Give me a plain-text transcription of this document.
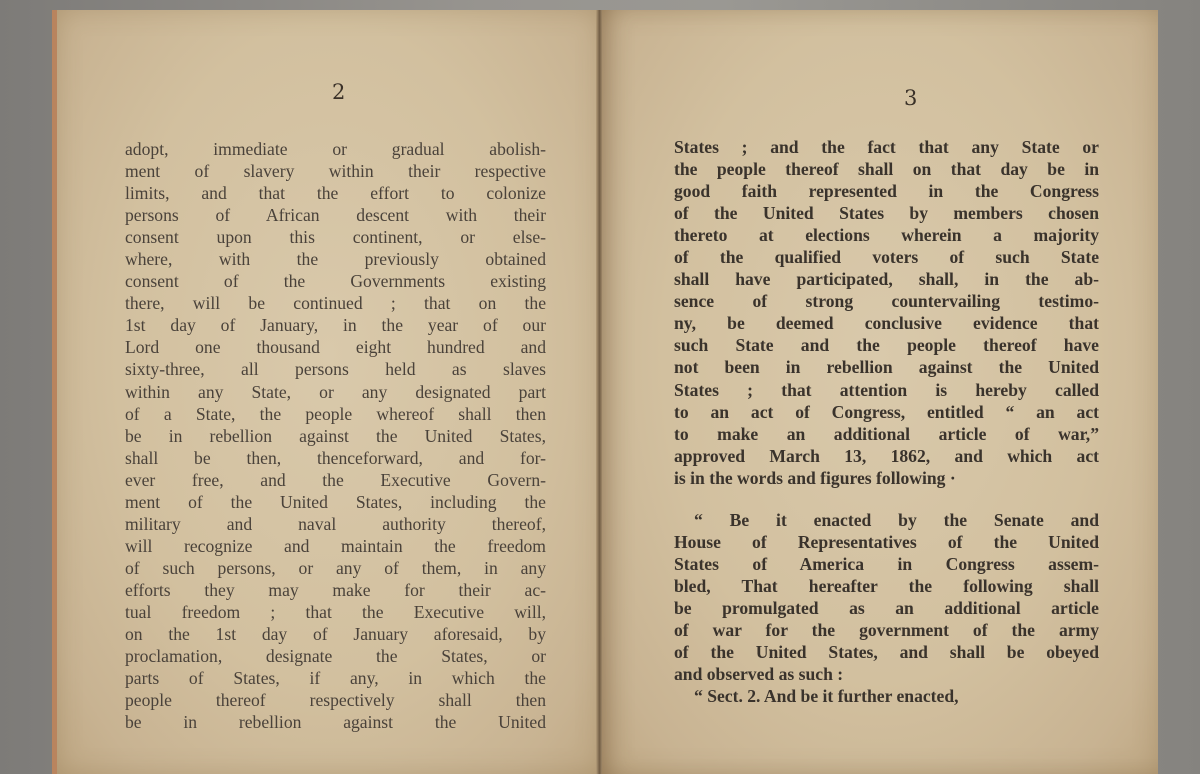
2
adopt, immediate or gradual abolish-
ment of slavery within their respective
limits, and that the effort to colonize
persons of African descent with their
consent upon this continent, or else-
where, with the previously obtained
consent of the Governments existing
there, will be continued ; that on the
1st day of January, in the year of our
Lord one thousand eight hundred and
sixty-three, all persons held as slaves
within any State, or any designated part
of a State, the people whereof shall then
be in rebellion against the United States,
shall be then, thenceforward, and for-
ever free, and the Executive Govern-
ment of the United States, including the
military and naval authority thereof,
will recognize and maintain the freedom
of such persons, or any of them, in any
efforts they may make for their ac-
tual freedom ; that the Executive will,
on the 1st day of January aforesaid, by
proclamation, designate the States, or
parts of States, if any, in which the
people thereof respectively shall then
be in rebellion against the United
3
States ; and the fact that any State or
the people thereof shall on that day be in
good faith represented in the Congress
of the United States by members chosen
thereto at elections wherein a majority
of the qualified voters of such State
shall have participated, shall, in the ab-
sence of strong countervailing testimo-
ny, be deemed conclusive evidence that
such State and the people thereof have
not been in rebellion against the United
States ; that attention is hereby called
to an act of Congress, entitled “ an act
to make an additional article of war,”
approved March 13, 1862, and which act
is in the words and figures following ·
“ Be it enacted by the Senate and
House of Representatives of the United
States of America in Congress assem-
bled, That hereafter the following shall
be promulgated as an additional article
of war for the government of the army
of the United States, and shall be obeyed
and observed as such :
“ Sect. 2. And be it further enacted,
